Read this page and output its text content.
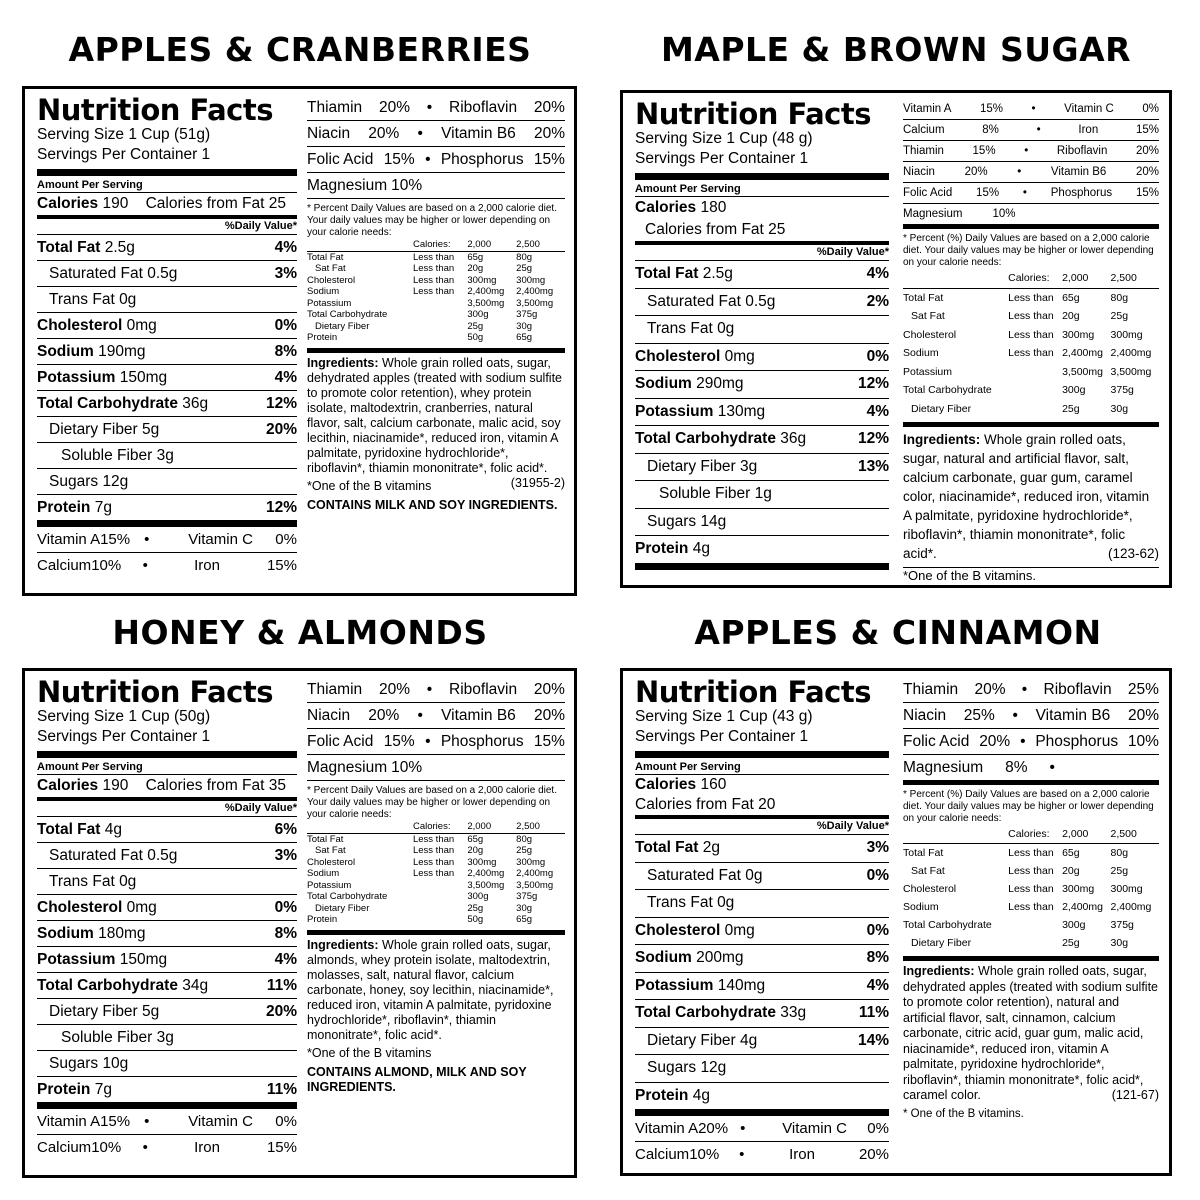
APPLES & CRANBERRIES
Nutrition Facts
Serving Size 1 Cup (51g)
Servings Per Container 1
Amount Per Serving
Calories 190 Calories from Fat 25
%Daily Value*
Total Fat 2.5g	4%
Saturated Fat 0.5g	3%
Trans Fat 0g
Cholesterol 0mg	0%
Sodium 190mg	8%
Potassium 150mg	4%
Total Carbohydrate 36g	12%
Dietary Fiber 5g	20%
Soluble Fiber 3g
Sugars 12g
Protein 7g	12%
Vitamin A 15% •	Vitamin C	0%
Calcium 10%	•	Iron	15%
Thiamin 20% • Riboflavin 20%
Niacin 20% • Vitamin B6 20%
Folic Acid 15% • Phosphorus 15%
Magnesium 10%
* Percent Daily Values are based on a 2,000 calorie diet. Your daily values may be higher or lower depending on your calorie needs:
	Calories:	2,000	2,500
Total Fat	Less than	65g	80g
Sat Fat	Less than	20g	25g
Cholesterol	Less than	300mg	300mg
Sodium	Less than	2,400mg	2,400mg
Potassium		3,500mg	3,500mg
Total Carbohydrate		300g	375g
Dietary Fiber		25g	30g
Protein		50g	65g
Ingredients: Whole grain rolled oats, sugar, dehydrated apples (treated with sodium sulfite to promote color retention), whey protein isolate, maltodextrin, cranberries, natural flavor, salt, calcium carbonate, malic acid, soy lecithin, niacinamide*, reduced iron, vitamin A palmitate, pyridoxine hydrochloride*, riboflavin*, thiamin mononitrate*, folic acid*.
(31955-2)
*One of the B vitamins
CONTAINS MILK AND SOY INGREDIENTS.
MAPLE & BROWN SUGAR
Nutrition Facts
Serving Size 1 Cup (48 g)
Servings Per Container 1
Amount Per Serving
Calories 180
Calories from Fat 25
%Daily Value*
Total Fat 2.5g	4%
Saturated Fat 0.5g	2%
Trans Fat 0g
Cholesterol 0mg	0%
Sodium 290mg	12%
Potassium 130mg	4%
Total Carbohydrate 36g	12%
Dietary Fiber 3g	13%
Soluble Fiber 1g
Sugars 14g
Protein 4g
Vitamin A 15% • Vitamin C 0%
Calcium	8%	•	Iron	15%
Thiamin 15% • Riboflavin 20%
Niacin	20%	•	Vitamin B6	20%
Folic Acid 15% • Phosphorus 15%
Magnesium	10%
* Percent (%) Daily Values are based on a 2,000 calorie diet. Your daily values may be higher or lower depending on your calorie needs:
	Calories:	2,000	2,500
Total Fat	Less than	65g	80g
Sat Fat	Less than	20g	25g
Cholesterol	Less than	300mg	300mg
Sodium	Less than	2,400mg	2,400mg
Potassium		3,500mg	3,500mg
Total Carbohydrate		300g	375g
Dietary Fiber		25g	30g
Ingredients: Whole grain rolled oats, sugar, natural and artificial flavor, salt, calcium carbonate, guar gum, caramel color, niacinamide*, reduced iron, vitamin A palmitate, pyridoxine hydrochloride*, riboflavin*, thiamin mononitrate*, folic acid*.	(123-62)
*One of the B vitamins.
HONEY & ALMONDS
Nutrition Facts
Serving Size 1 Cup (50g)
Servings Per Container 1
Amount Per Serving
Calories 190 Calories from Fat 35
%Daily Value*
Total Fat 4g	6%
Saturated Fat 0.5g	3%
Trans Fat 0g
Cholesterol 0mg	0%
Sodium 180mg	8%
Potassium 150mg	4%
Total Carbohydrate 34g	11%
Dietary Fiber 5g	20%
Soluble Fiber 3g
Sugars 10g
Protein 7g	11%
Vitamin A 15% •	Vitamin C	0%
Calcium 10%	•	Iron	15%
Thiamin 20% • Riboflavin 20%
Niacin 20% • Vitamin B6 20%
Folic Acid 15% • Phosphorus 15%
Magnesium 10%
* Percent Daily Values are based on a 2,000 calorie diet. Your daily values may be higher or lower depending on your calorie needs:
	Calories:	2,000	2,500
Total Fat	Less than	65g	80g
Sat Fat	Less than	20g	25g
Cholesterol	Less than	300mg	300mg
Sodium	Less than	2,400mg	2,400mg
Potassium		3,500mg	3,500mg
Total Carbohydrate		300g	375g
Dietary Fiber		25g	30g
Protein		50g	65g
Ingredients: Whole grain rolled oats, sugar, almonds, whey protein isolate, maltodextrin, molasses, salt, natural flavor, calcium carbonate, honey, soy lecithin, niacinamide*, reduced iron, vitamin A palmitate, pyridoxine hydrochloride*, riboflavin*, thiamin mononitrate*, folic acid*.
*One of the B vitamins
CONTAINS ALMOND, MILK AND SOY INGREDIENTS.
APPLES & CINNAMON
Nutrition Facts
Serving Size 1 Cup (43 g)
Servings Per Container 1
Amount Per Serving
Calories 160
Calories from Fat 20
%Daily Value*
Total Fat 2g	3%
Saturated Fat 0g	0%
Trans Fat 0g
Cholesterol 0mg	0%
Sodium 200mg	8%
Potassium 140mg	4%
Total Carbohydrate 33g	11%
Dietary Fiber 4g	14%
Sugars 12g
Protein 4g
Vitamin A 20% •	Vitamin C	0%
Calcium 10%	•	Iron	20%
Thiamin 20% • Riboflavin 25%
Niacin 25% • Vitamin B6 20%
Folic Acid 20% • Phosphorus 10%
Magnesium 8% •
* Percent (%) Daily Values are based on a 2,000 calorie diet. Your daily values may be higher or lower depending on your calorie needs:
	Calories:	2,000	2,500
Total Fat	Less than	65g	80g
Sat Fat	Less than	20g	25g
Cholesterol	Less than	300mg	300mg
Sodium	Less than	2,400mg	2,400mg
Total Carbohydrate		300g	375g
Dietary Fiber		25g	30g
Ingredients: Whole grain rolled oats, sugar, dehydrated apples (treated with sodium sulfite to promote color retention), natural and artificial flavor, salt, cinnamon, calcium carbonate, citric acid, guar gum, malic acid, niacinamide*, reduced iron, vitamin A palmitate, pyridoxine hydrochloride*, riboflavin*, thiamin mononitrate*, folic acid*, caramel color.	(121-67)
* One of the B vitamins.
